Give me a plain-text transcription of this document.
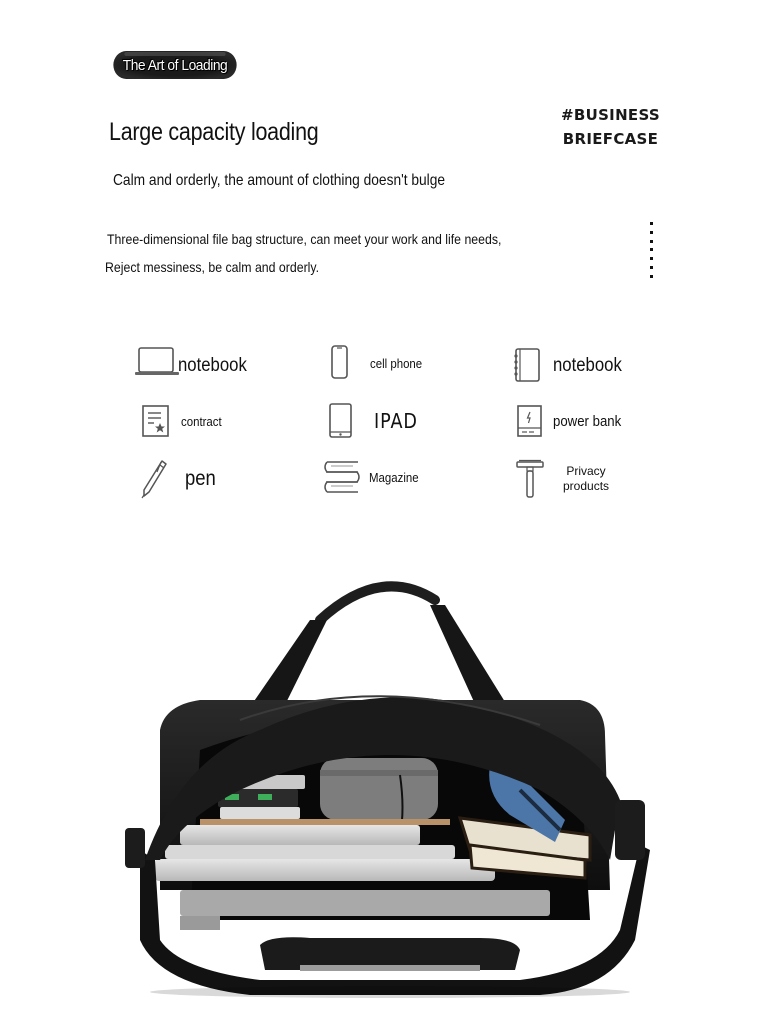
The Art of Loading
#BUSINESS
BRIEFCASE
Large capacity loading
Calm and orderly, the amount of clothing doesn't bulge
Three-dimensional file bag structure, can meet your work and life needs,
Reject messiness, be calm and orderly.
notebook	cell phone	notebook
contract	IPAD	power bank
pen	Magazine	Privacy
products
